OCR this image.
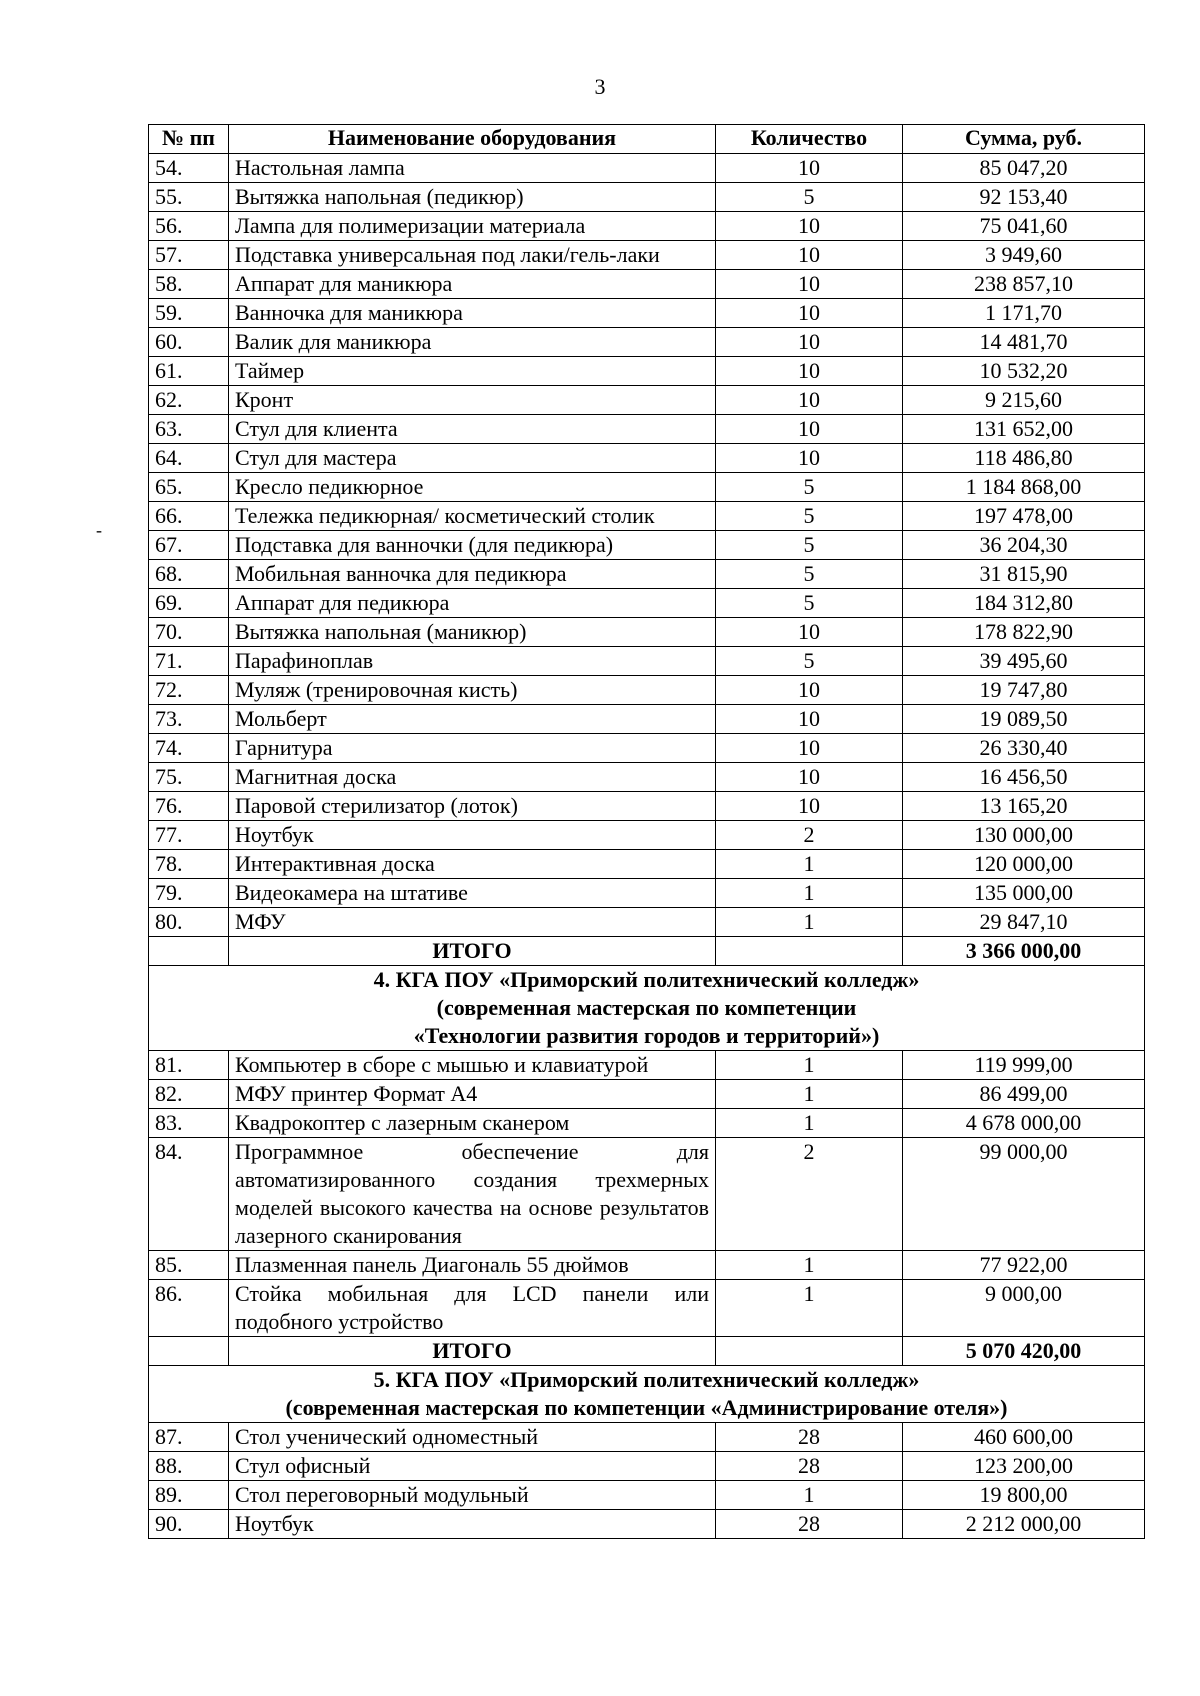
3
-
№ пп	Наименование оборудования	Количество	Сумма, руб.
54.	Настольная лампа	10	85 047,20
55.	Вытяжка напольная (педикюр)	5	92 153,40
56.	Лампа для полимеризации материала	10	75 041,60
57.	Подставка универсальная под лаки/гель-лаки	10	3 949,60
58.	Аппарат для маникюра	10	238 857,10
59.	Ванночка для маникюра	10	1 171,70
60.	Валик для маникюра	10	14 481,70
61.	Таймер	10	10 532,20
62.	Кронт	10	9 215,60
63.	Стул для клиента	10	131 652,00
64.	Стул для мастера	10	118 486,80
65.	Кресло педикюрное	5	1 184 868,00
66.	Тележка педикюрная/ косметический столик	5	197 478,00
67.	Подставка для ванночки (для педикюра)	5	36 204,30
68.	Мобильная ванночка для педикюра	5	31 815,90
69.	Аппарат для педикюра	5	184 312,80
70.	Вытяжка напольная (маникюр)	10	178 822,90
71.	Парафиноплав	5	39 495,60
72.	Муляж (тренировочная кисть)	10	19 747,80
73.	Мольберт	10	19 089,50
74.	Гарнитура	10	26 330,40
75.	Магнитная доска	10	16 456,50
76.	Паровой стерилизатор (лоток)	10	13 165,20
77.	Ноутбук	2	130 000,00
78.	Интерактивная доска	1	120 000,00
79.	Видеокамера на штативе	1	135 000,00
80.	МФУ	1	29 847,10
	ИТОГО		3 366 000,00

4. КГА ПОУ «Приморский политехнический колледж»
(современная мастерская по компетенции
«Технологии развития городов и территорий»)			

81.	Компьютер в сборе с мышью и клавиатурой	1	119 999,00
82.	МФУ принтер Формат А4	1	86 499,00
83.	Квадрокоптер с лазерным сканером	1	4 678 000,00
84.	Программное обеспечение для автоматизированного создания трехмерных моделей высокого качества на основе результатов лазерного сканирования	2	99 000,00
85.	Плазменная панель Диагональ 55 дюймов	1	77 922,00
86.	Стойка мобильная для LCD панели или подобного устройство	1	9 000,00
	ИТОГО		5 070 420,00

5. КГА ПОУ «Приморский политехнический колледж»
(современная мастерская по компетенции «Администрирование отеля»)			

87.	Стол ученический одноместный	28	460 600,00
88.	Стул офисный	28	123 200,00
89.	Стол переговорный модульный	1	19 800,00
90.	Ноутбук	28	2 212 000,00
